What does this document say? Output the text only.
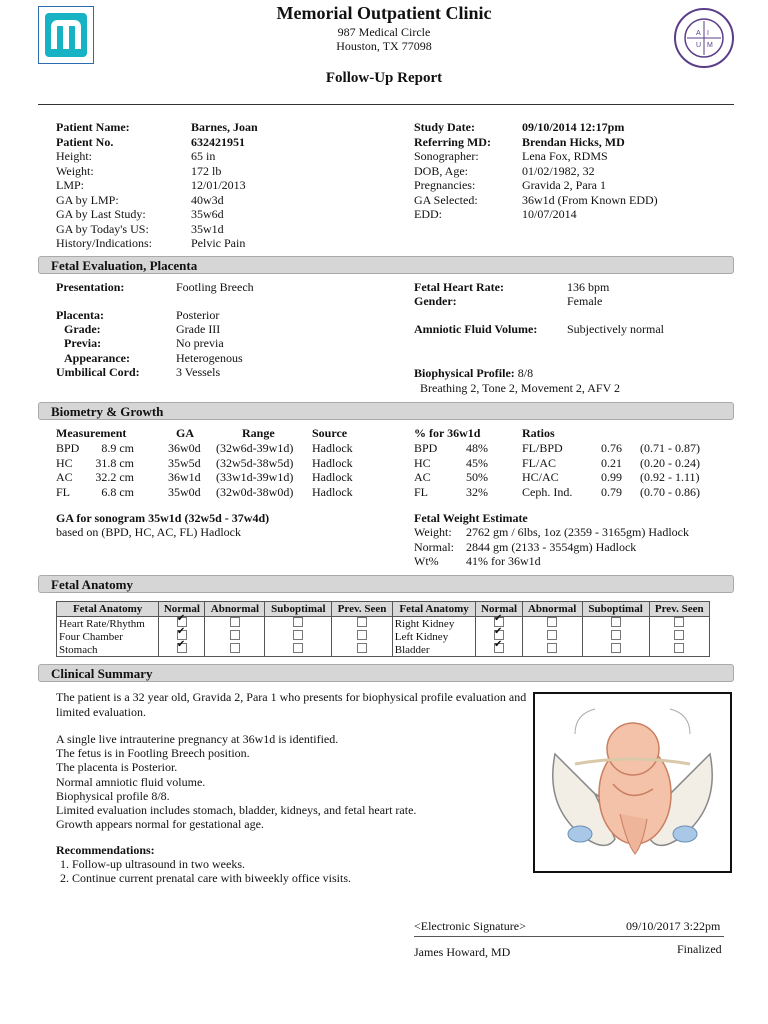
Memorial Outpatient Clinic
987 Medical Circle
Houston, TX 77098
Follow-Up Report
A I
U M
Patient Name:	Barnes, Joan
Patient No.	632421951
Height:	65 in
Weight:	172 lb
LMP:	12/01/2013
GA by LMP:	40w3d
GA by Last Study:	35w6d
GA by Today's US:	35w1d
History/Indications:	Pelvic Pain
Study Date:	09/10/2014 12:17pm
Referring MD:	Brendan Hicks, MD
Sonographer:	Lena Fox, RDMS
DOB, Age:	01/02/1982, 32
Pregnancies:	Gravida 2, Para 1
GA Selected:	36w1d (From Known EDD)
EDD:	10/07/2014
Fetal Evaluation, Placenta
Presentation:	Footling Breech
Placenta:	Posterior
Grade:	Grade III
Previa:	No previa
Appearance:	Heterogenous
Umbilical Cord:	3 Vessels
Fetal Heart Rate:	136 bpm
Gender:	Female
Amniotic Fluid Volume: Subjectively normal
Biophysical Profile: 8/8
Breathing 2, Tone 2, Movement 2, AFV 2
Biometry & Growth
Measurement	GA	Range	Source	% for 36w1d	Ratios
BPD	8.9 cm	36w0d (32w6d-39w1d) Hadlock
HC 31.8 cm	35w5d (32w5d-38w5d) Hadlock
AC 32.2 cm	36w1d (33w1d-39w1d) Hadlock
FL	6.8 cm	35w0d (32w0d-38w0d) Hadlock
BPD 48%
HC	45%
AC	50%
FL	32%
FL/BPD	0.76 (0.71 - 0.87)
FL/AC	0.21 (0.20 - 0.24)
HC/AC	0.99 (0.92 - 1.11)
Ceph. Ind. 0.79 (0.70 - 0.86)
GA for sonogram 35w1d (32w5d - 37w4d)
based on (BPD, HC, AC, FL) Hadlock
Fetal Weight Estimate
Weight: 2762 gm / 6lbs, 1oz (2359 - 3165gm) Hadlock
Normal: 2844 gm (2133 - 3554gm) Hadlock
Wt% 41% for 36w1d
Fetal Anatomy
Fetal Anatomy	Normal	Abnormal	Suboptimal	Prev. Seen	Fetal Anatomy	Normal	Abnormal	Suboptimal	Prev. Seen
Heart Rate/Rhythm	✔				Right Kidney	✔			
Four Chamber	✔				Left Kidney	✔			
Stomach	✔				Bladder	✔			
Clinical Summary
The patient is a 32 year old, Gravida 2, Para 1 who presents for biophysical profile evaluation and
limited evaluation.
A single live intrauterine pregnancy at 36w1d is identified.
The fetus is in Footling Breech position.
The placenta is Posterior.
Normal amniotic fluid volume.
Biophysical profile 8/8.
Limited evaluation includes stomach, bladder, kidneys, and fetal heart rate.
Growth appears normal for gestational age.
Recommendations:
1. Follow-up ultrasound in two weeks.
2. Continue current prenatal care with biweekly office visits.
<Electronic Signature>	09/10/2017 3:22pm
James Howard, MD	Finalized
